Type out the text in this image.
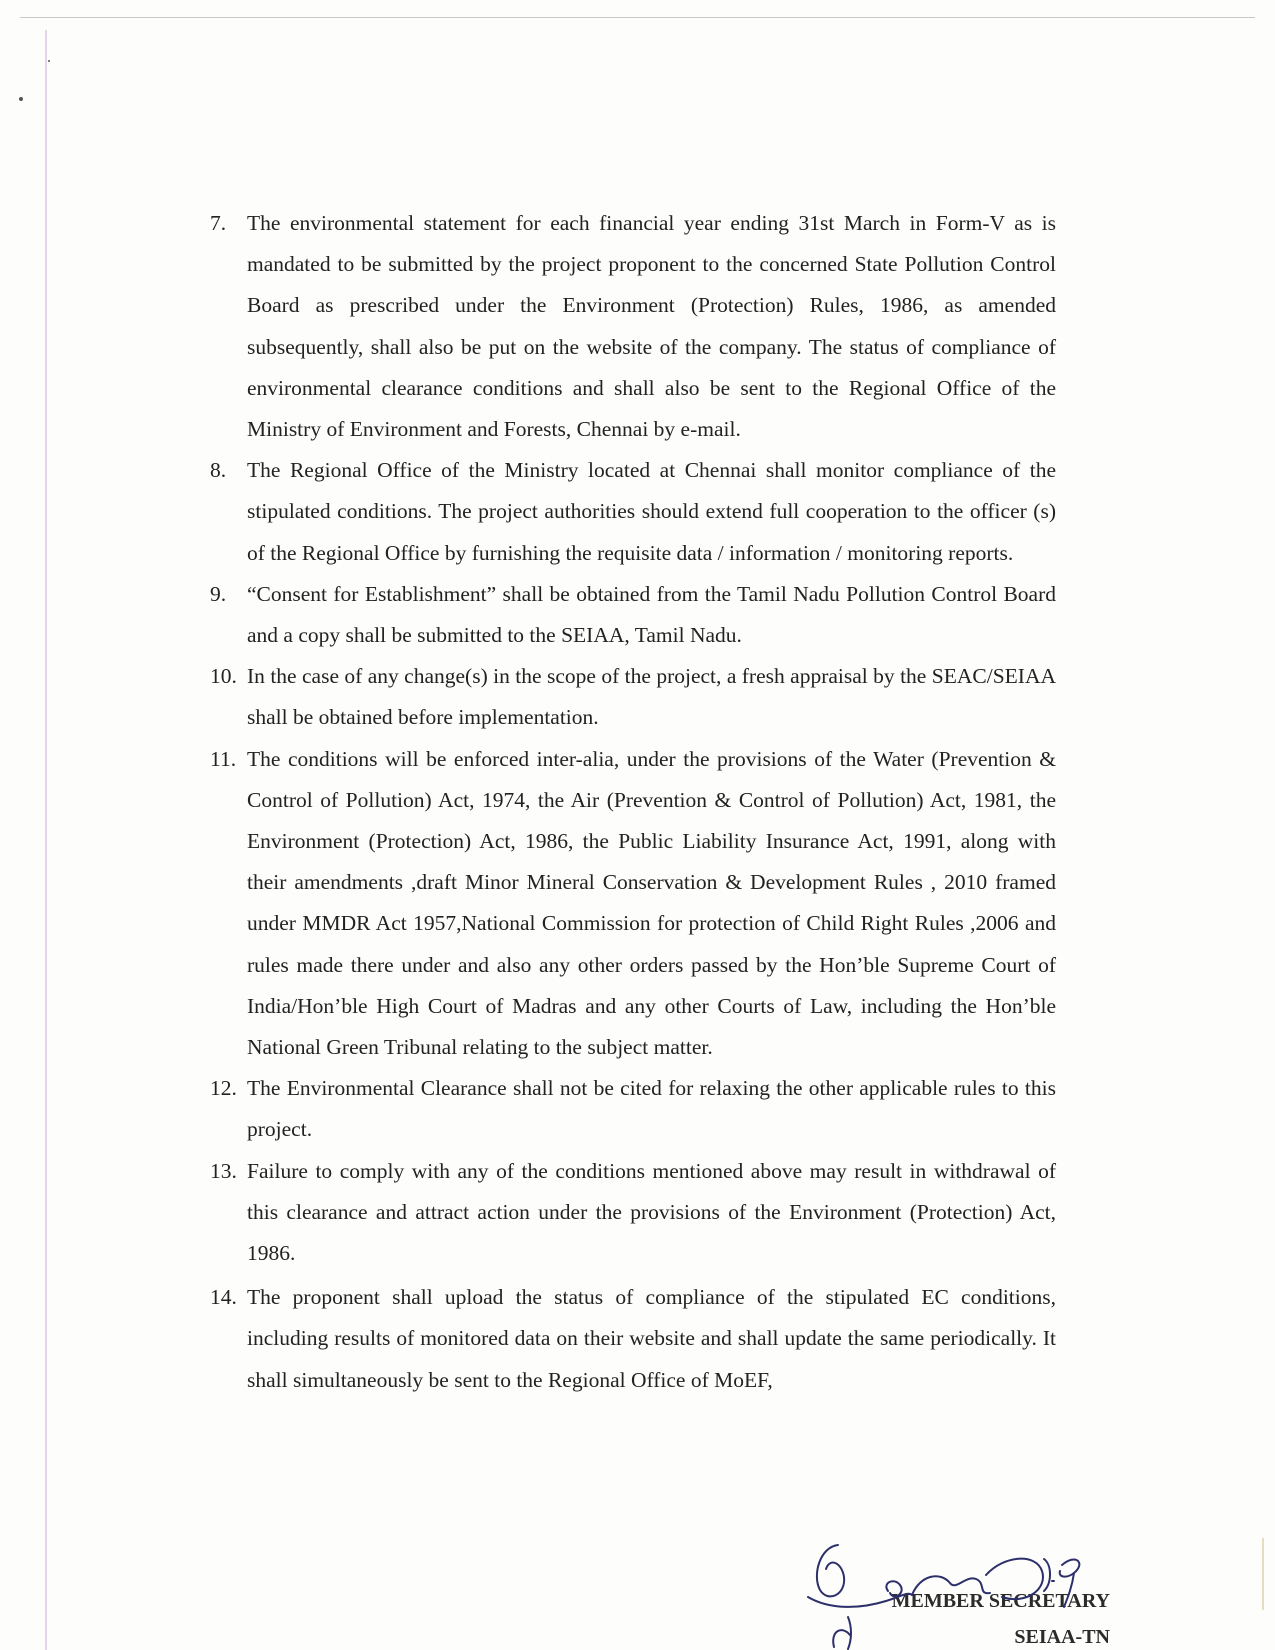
7. The environmental statement for each financial year ending 31st March in Form-V as is mandated to be submitted by the project proponent to the concerned State Pollution Control Board as prescribed under the Environment (Protection) Rules, 1986, as amended subsequently, shall also be put on the website of the company. The status of compliance of environmental clearance conditions and shall also be sent to the Regional Office of the Ministry of Environment and Forests, Chennai by e-mail.

8. The Regional Office of the Ministry located at Chennai shall monitor compliance of the stipulated conditions. The project authorities should extend full cooperation to the officer (s) of the Regional Office by furnishing the requisite data / information / monitoring reports.

9. “Consent for Establishment” shall be obtained from the Tamil Nadu Pollution Control Board and a copy shall be submitted to the SEIAA, Tamil Nadu.

10. In the case of any change(s) in the scope of the project, a fresh appraisal by the SEAC/SEIAA shall be obtained before implementation.

11. The conditions will be enforced inter-alia, under the provisions of the Water (Prevention & Control of Pollution) Act, 1974, the Air (Prevention & Control of Pollution) Act, 1981, the Environment (Protection) Act, 1986, the Public Liability Insurance Act, 1991, along with their amendments ,draft Minor Mineral Conservation & Development Rules , 2010 framed under MMDR Act 1957,National Commission for protection of Child Right Rules ,2006 and rules made there under and also any other orders passed by the Hon’ble Supreme Court of India/Hon’ble High Court of Madras and any other Courts of Law, including the Hon’ble National Green Tribunal relating to the subject matter.

12. The Environmental Clearance shall not be cited for relaxing the other applicable rules to this project.

13. Failure to comply with any of the conditions mentioned above may result in withdrawal of this clearance and attract action under the provisions of the Environment (Protection) Act, 1986.

14. The proponent shall upload the status of compliance of the stipulated EC conditions, including results of monitored data on their website and shall update the same periodically. It shall simultaneously be sent to the Regional Office of MoEF,

MEMBER SECRETARY
SEIAA-TN
